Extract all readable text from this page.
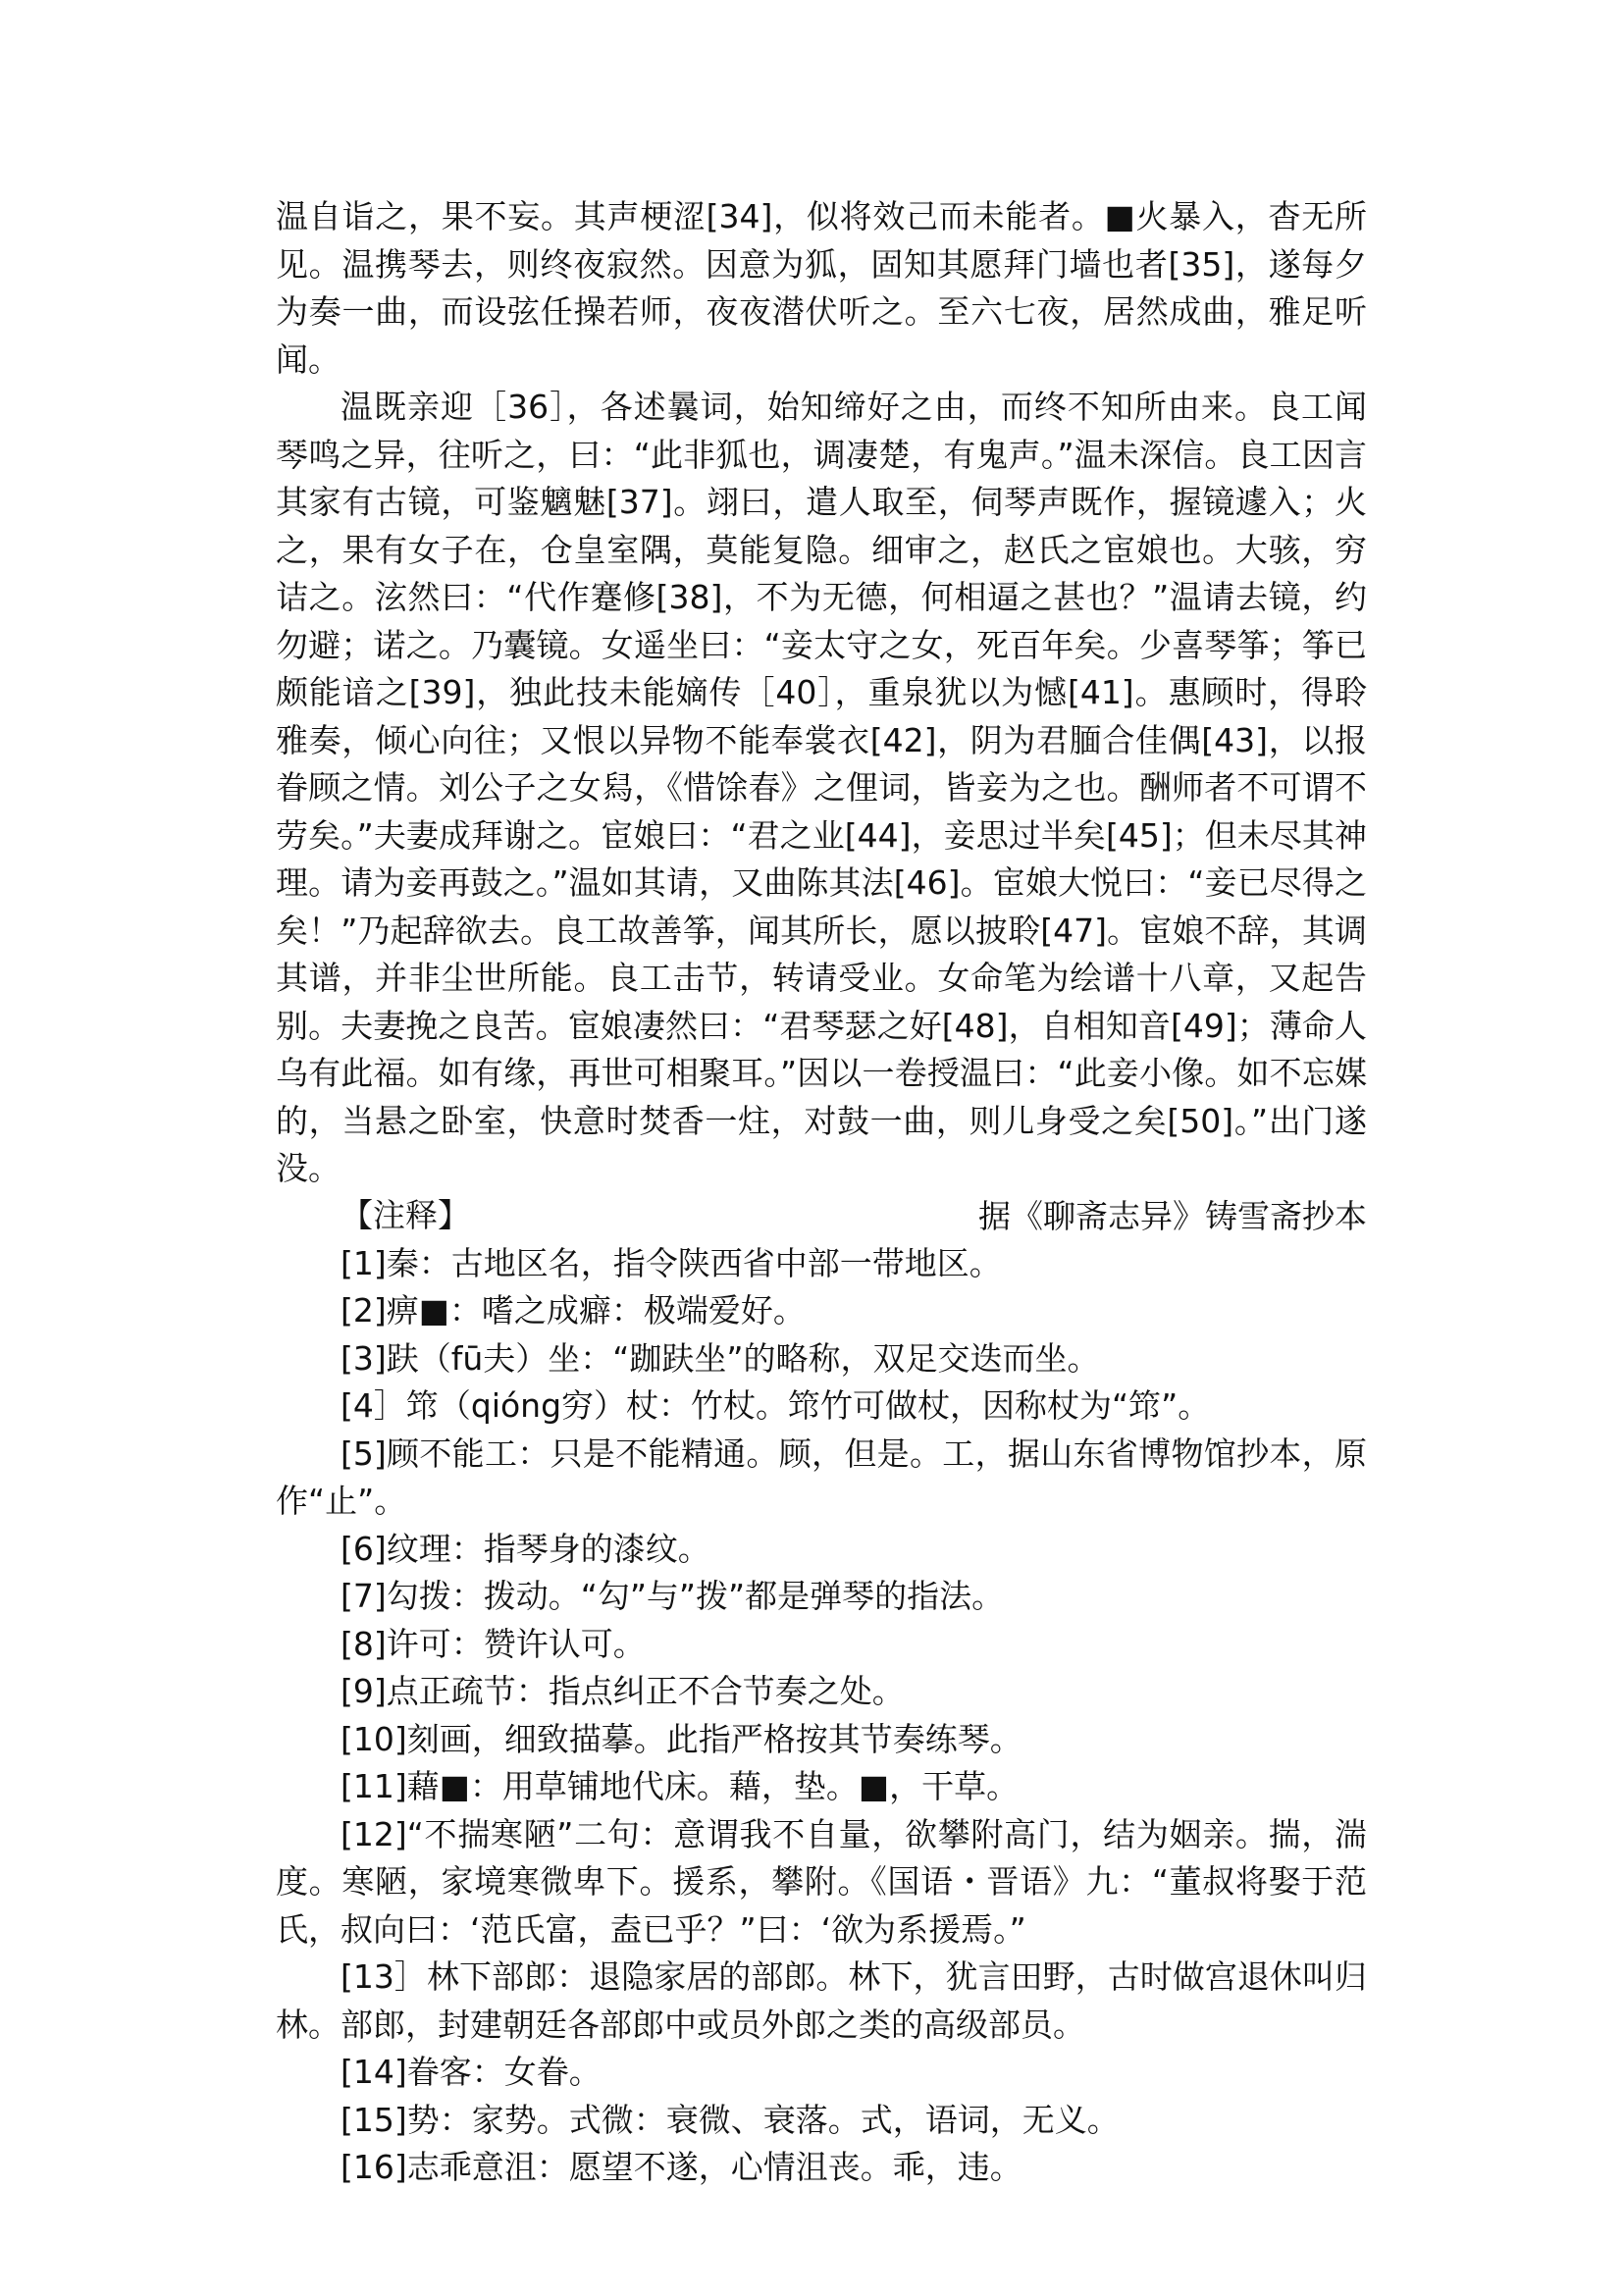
温自诣之，果不妄。其声梗涩[34]，似将效己而未能者。■火暴入，杳无所见。温携琴去，则终夜寂然。因意为狐，固知其愿拜门墙也者[35]，遂每夕为奏一曲，而设弦任操若师，夜夜潜伏听之。至六七夜，居然成曲，雅足听闻。

温既亲迎［36］，各述曩词，始知缔好之由，而终不知所由来。良工闻琴鸣之异，往听之，曰：“此非狐也，调凄楚，有鬼声。”温未深信。良工因言其家有古镜，可鉴魑魅[37]。翊曰，遣人取至，伺琴声既作，握镜遽入；火之，果有女子在，仓皇室隅，莫能复隐。细审之，赵氏之宦娘也。大骇，穷诘之。泫然曰：“代作蹇修[38]，不为无德，何相逼之甚也？”温请去镜，约勿避；诺之。乃囊镜。女遥坐曰：“妾太守之女，死百年矣。少喜琴筝；筝已颇能谙之[39]，独此技未能嫡传［40］，重泉犹以为憾[41]。惠顾时，得聆雅奏，倾心向往；又恨以异物不能奉裳衣[42]，阴为君腼合佳偶[43]，以报眷顾之情。刘公子之女舄，《惜馀春》之俚词，皆妾为之也。酬师者不可谓不劳矣。”夫妻成拜谢之。宦娘曰：“君之业[44]，妾思过半矣[45]；但未尽其神理。请为妾再鼓之。”温如其请，又曲陈其法[46]。宦娘大悦曰：“妾已尽得之矣！”乃起辞欲去。良工故善筝，闻其所长，愿以披聆[47]。宦娘不辞，其调其谱，并非尘世所能。良工击节，转请受业。女命笔为绘谱十八章，又起告别。夫妻挽之良苦。宦娘凄然曰：“君琴瑟之好[48]，自相知音[49]；薄命人乌有此福。如有缘，再世可相聚耳。”因以一卷授温曰：“此妾小像。如不忘媒的，当悬之卧室，快意时焚香一炷，对鼓一曲，则儿身受之矣[50]。”出门遂没。

据《聊斋志异》铸雪斋抄本

【注释】

[1]秦：古地区名，指令陕西省中部一带地区。

[2]痹■：嗜之成癖：极端爱好。

[3]趺（fū夫）坐：“跏趺坐”的略称，双足交迭而坐。

[4］筇（qióng穷）杖：竹杖。筇竹可做杖，因称杖为“筇”。

[5]顾不能工：只是不能精通。顾，但是。工，据山东省博物馆抄本，原作“止”。

[6]纹理：指琴身的漆纹。

[7]勾拨：拨动。“勾”与”拨”都是弹琴的指法。

[8]许可：赞许认可。

[9]点正疏节：指点纠正不合节奏之处。

[10]刻画，细致描摹。此指严格按其节奏练琴。

[11]藉■：用草铺地代床。藉，垫。■，干草。

[12]“不揣寒陋”二句：意谓我不自量，欲攀附高门，结为姻亲。揣，湍度。寒陋，家境寒微卑下。援系，攀附。《国语・晋语》九：“董叔将娶于范氏，叔向曰：‘范氏富，盍已乎？”曰：‘欲为系援焉。”

[13］林下部郎：退隐家居的部郎。林下，犹言田野，古时做宫退休叫归林。部郎，封建朝廷各部郎中或员外郎之类的高级部员。

[14]眷客：女眷。

[15]势：家势。式微：衰微、衰落。式，语词，无义。

[16]志乖意沮：愿望不遂，心情沮丧。乖，违。
